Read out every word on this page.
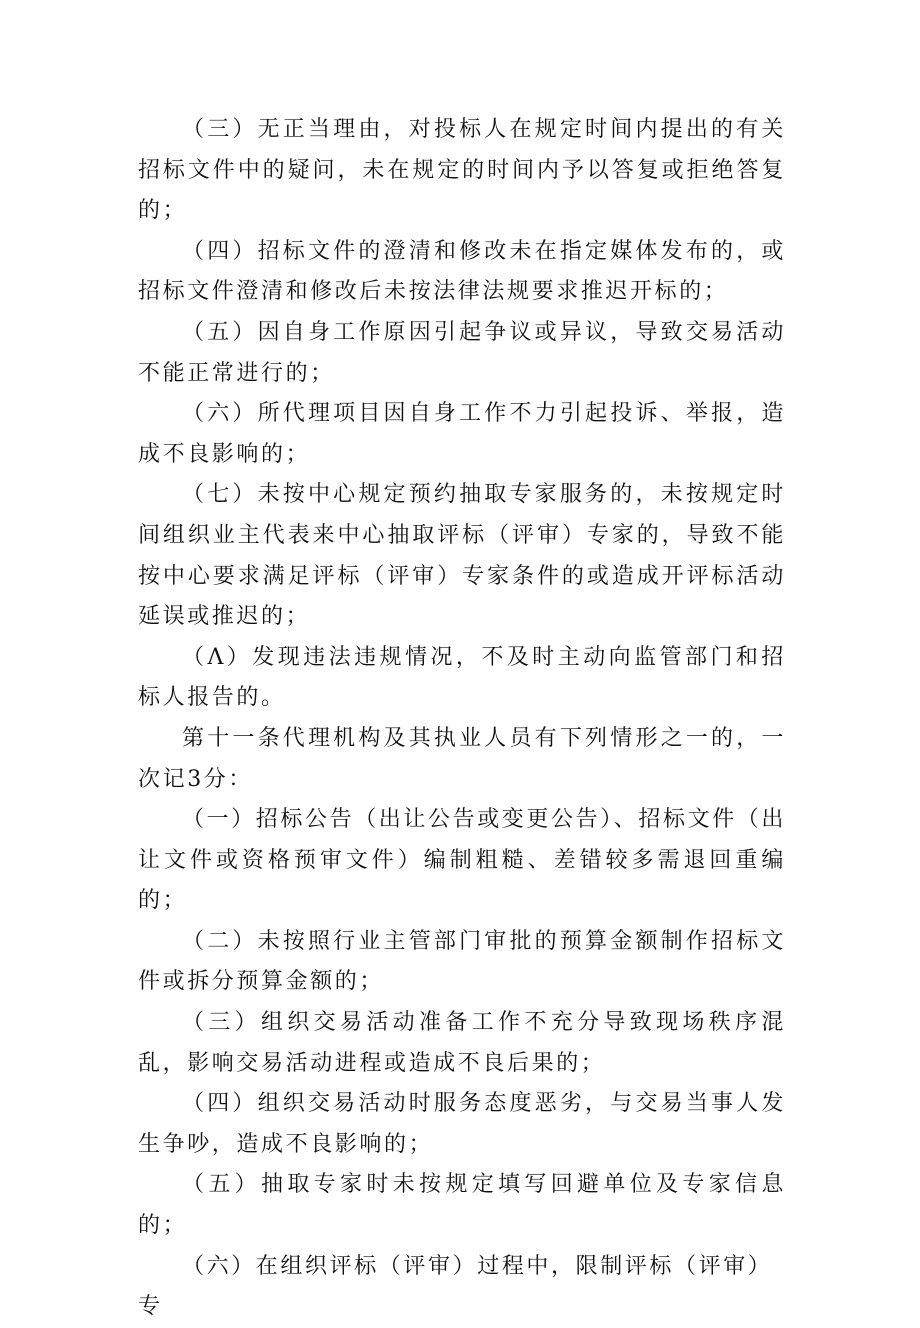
（三）无正当理由，对投标人在规定时间内提出的有关招标文件中的疑问，未在规定的时间内予以答复或拒绝答复的；

（四）招标文件的澄清和修改未在指定媒体发布的，或招标文件澄清和修改后未按法律法规要求推迟开标的；

（五）因自身工作原因引起争议或异议，导致交易活动不能正常进行的；

（六）所代理项目因自身工作不力引起投诉、举报，造成不良影响的；

（七）未按中心规定预约抽取专家服务的，未按规定时间组织业主代表来中心抽取评标（评审）专家的，导致不能按中心要求满足评标（评审）专家条件的或造成开评标活动延误或推迟的；

（Λ）发现违法违规情况，不及时主动向监管部门和招标人报告的。

第十一条代理机构及其执业人员有下列情形之一的，一次记3分：

（一）招标公告（出让公告或变更公告）、招标文件（出让文件或资格预审文件）编制粗糙、差错较多需退回重编的；

（二）未按照行业主管部门审批的预算金额制作招标文件或拆分预算金额的；

（三）组织交易活动准备工作不充分导致现场秩序混乱，影响交易活动进程或造成不良后果的；

（四）组织交易活动时服务态度恶劣，与交易当事人发生争吵，造成不良影响的；

（五）抽取专家时未按规定填写回避单位及专家信息的；

（六）在组织评标（评审）过程中，限制评标（评审）专
